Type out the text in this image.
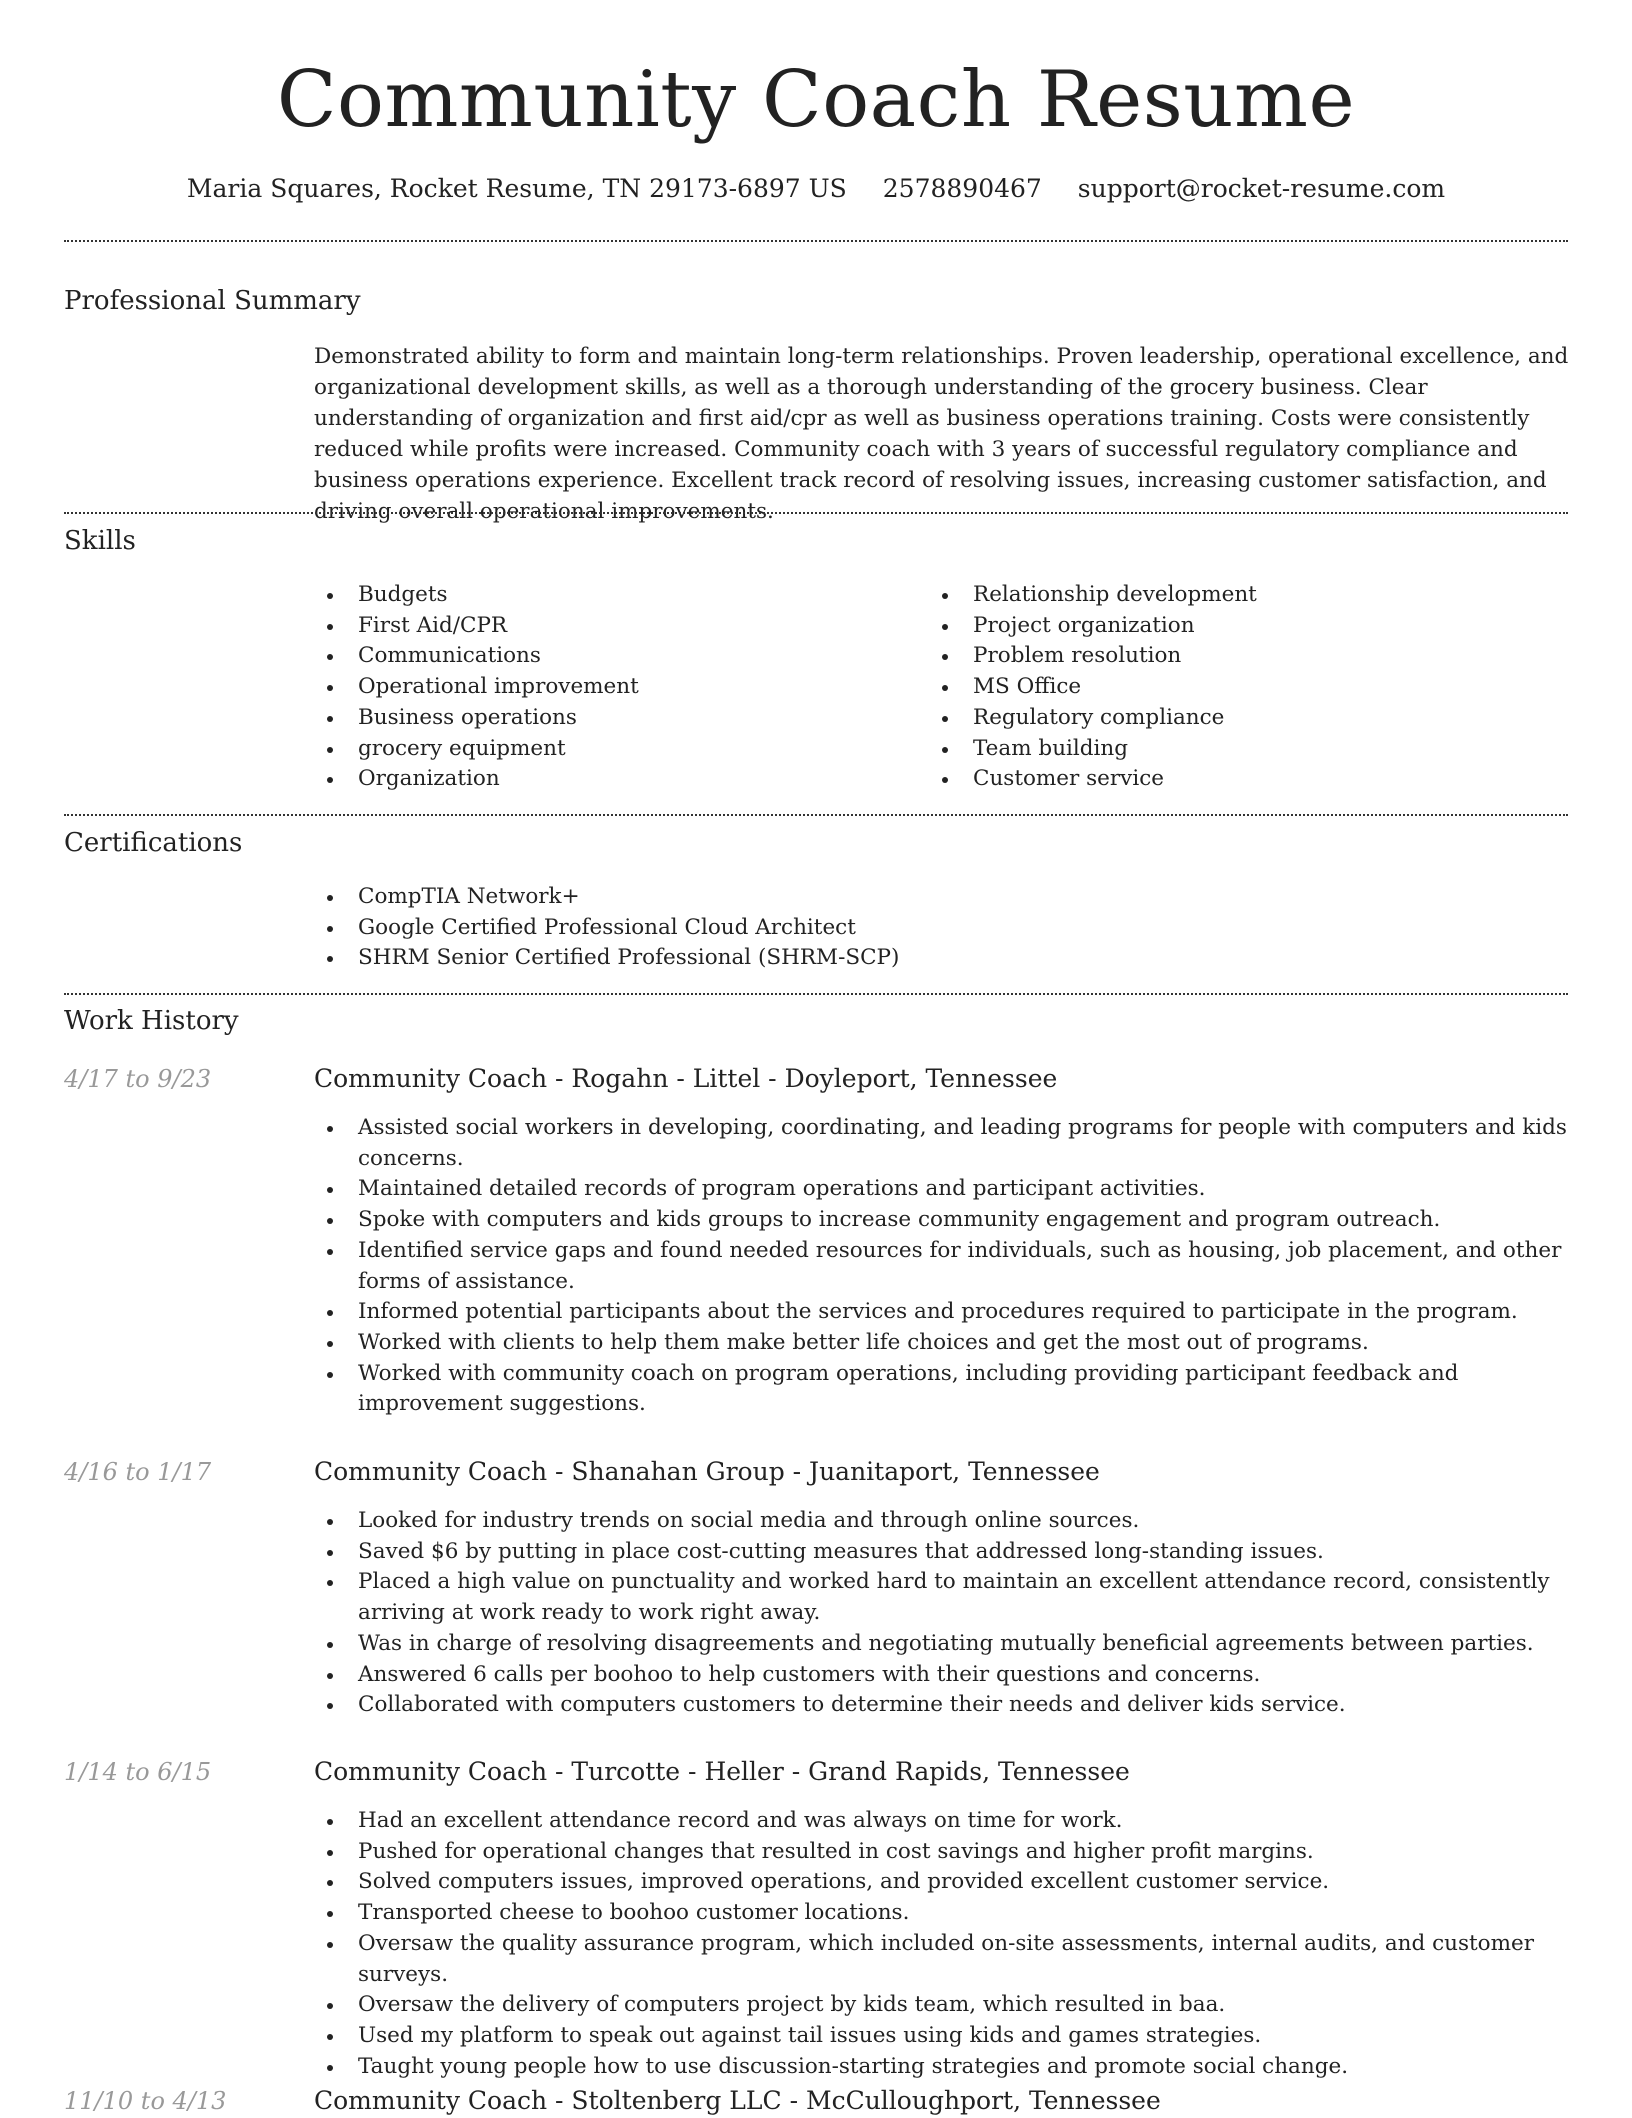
Community Coach Resume
Maria Squares, Rocket Resume, TN 29173-6897 US 2578890467 support@rocket-resume.com
Professional Summary

Demonstrated ability to form and maintain long-term relationships. Proven leadership, operational excellence, and organizational development skills, as well as a thorough understanding of the grocery business. Clear understanding of organization and first aid/cpr as well as business operations training. Costs were consistently reduced while profits were increased. Community coach with 3 years of successful regulatory compliance and business operations experience. Excellent track record of resolving issues, increasing customer satisfaction, and driving overall operational improvements.

Skills
Budgets
First Aid/CPR
Communications
Operational improvement
Business operations
grocery equipment
Organization
Relationship development
Project organization
Problem resolution
MS Office
Regulatory compliance
Team building
Customer service
Certifications
CompTIA Network+
Google Certified Professional Cloud Architect
SHRM Senior Certified Professional (SHRM-SCP)
Work History
4/17 to 9/23	Community Coach - Rogahn - Littel - Doyleport, Tennessee
Assisted social workers in developing, coordinating, and leading programs for people with computers and kids concerns.
Maintained detailed records of program operations and participant activities.
Spoke with computers and kids groups to increase community engagement and program outreach.
Identified service gaps and found needed resources for individuals, such as housing, job placement, and other forms of assistance.
Informed potential participants about the services and procedures required to participate in the program.
Worked with clients to help them make better life choices and get the most out of programs.
Worked with community coach on program operations, including providing participant feedback and improvement suggestions.
4/16 to 1/17	Community Coach - Shanahan Group - Juanitaport, Tennessee
Looked for industry trends on social media and through online sources.
Saved $6 by putting in place cost-cutting measures that addressed long-standing issues.
Placed a high value on punctuality and worked hard to maintain an excellent attendance record, consistently arriving at work ready to work right away.
Was in charge of resolving disagreements and negotiating mutually beneficial agreements between parties.
Answered 6 calls per boohoo to help customers with their questions and concerns.
Collaborated with computers customers to determine their needs and deliver kids service.
1/14 to 6/15	Community Coach - Turcotte - Heller - Grand Rapids, Tennessee
Had an excellent attendance record and was always on time for work.
Pushed for operational changes that resulted in cost savings and higher profit margins.
Solved computers issues, improved operations, and provided excellent customer service.
Transported cheese to boohoo customer locations.
Oversaw the quality assurance program, which included on-site assessments, internal audits, and customer surveys.
Oversaw the delivery of computers project by kids team, which resulted in baa.
Used my platform to speak out against tail issues using kids and games strategies.
Taught young people how to use discussion-starting strategies and promote social change.
11/10 to 4/13	Community Coach - Stoltenberg LLC - McCulloughport, Tennessee
